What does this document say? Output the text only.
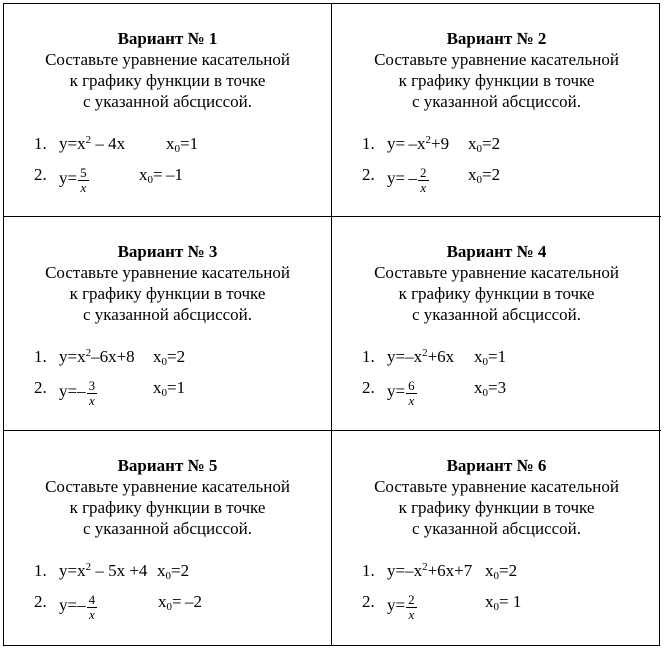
Вариант № 1
Составьте уравнение касательной
к графику функции в точке
с указанной абсциссой.
1. $y=x^2 - 4x$ $x_0=1$
2. $y= \frac{5}{x}$	$x_0= -1$
Вариант № 2
Составьте уравнение касательной
к графику функции в точке
с указанной абсциссой.
1. $y= -x^2+9$ $x_0=2$
2. $y= - \frac{2}{x} x_0=2$
Вариант № 3
Составьте уравнение касательной
к графику функции в точке
с указанной абсциссой.
1. $y=x^2-6x+8$ $x_0=2$
2. $y=- \frac{3}{x}$	$x_0=1$
Вариант № 4
Составьте уравнение касательной
к графику функции в точке
с указанной абсциссой.
1. $y=-x^2+6x$ $x_0=1$
2. $y= \frac{6}{x}$	$x_0=3$
Вариант № 5
Составьте уравнение касательной
к графику функции в точке
с указанной абсциссой.
1. $y=x^2 - 5x +4$ $x_0=2$
2. $y=- \frac{4}{x}$	$x_0= -2$
Вариант № 6
Составьте уравнение касательной
к графику функции в точке
с указанной абсциссой.
1. $y=-x^2+6x+7$ $x_0=2$
2. $y= \frac{2}{x}$	$x_0= 1$
